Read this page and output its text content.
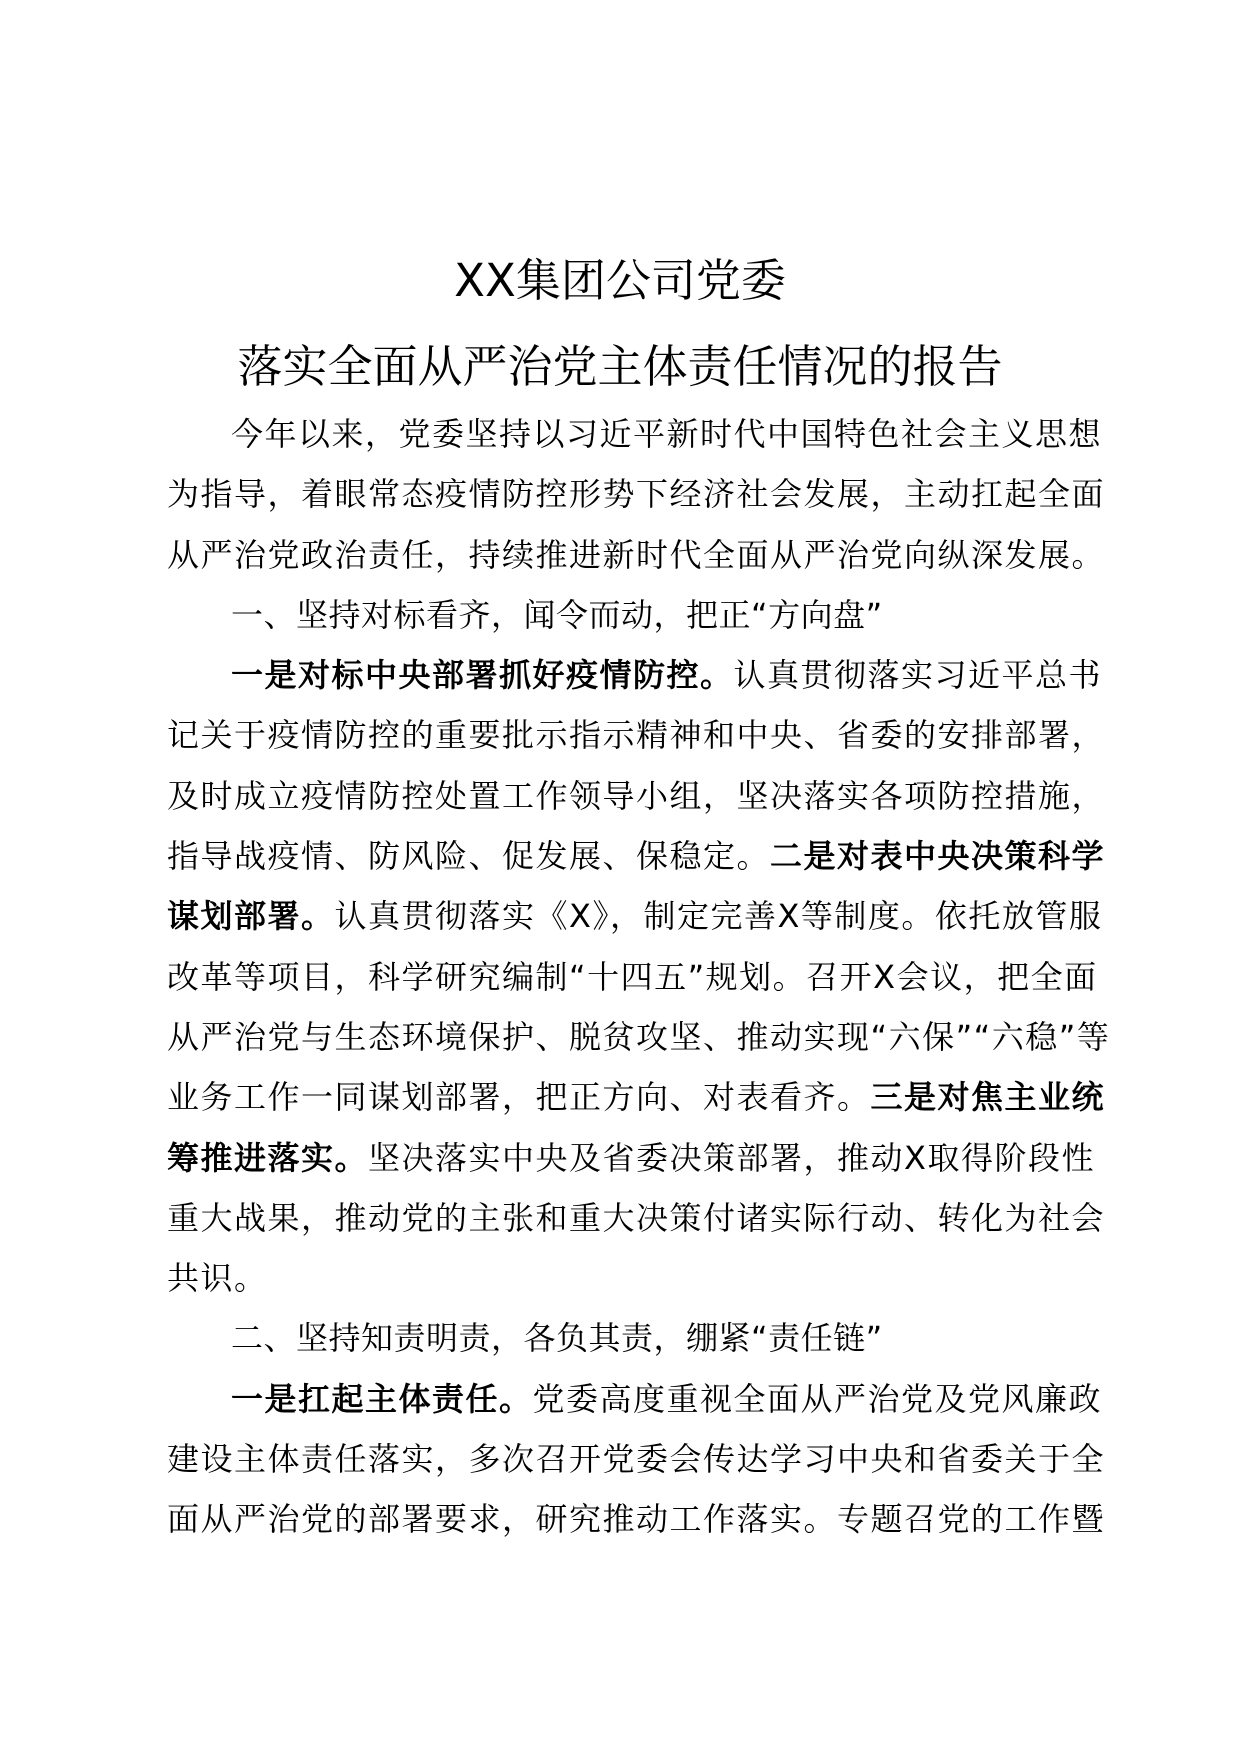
XX集团公司党委
落实全面从严治党主体责任情况的报告

今年以来，党委坚持以习近平新时代中国特色社会主义思想为指导，着眼常态疫情防控形势下经济社会发展，主动扛起全面从严治党政治责任，持续推进新时代全面从严治党向纵深发展。

一、坚持对标看齐，闻令而动，把正“方向盘”

一是对标中央部署抓好疫情防控。认真贯彻落实习近平总书记关于疫情防控的重要批示指示精神和中央、省委的安排部署，及时成立疫情防控处置工作领导小组，坚决落实各项防控措施，指导战疫情、防风险、促发展、保稳定。二是对表中央决策科学谋划部署。认真贯彻落实《X》，制定完善X等制度。依托放管服改革等项目，科学研究编制“十四五”规划。召开X会议，把全面从严治党与生态环境保护、脱贫攻坚、推动实现“六保”“六稳”等业务工作一同谋划部署，把正方向、对表看齐。三是对焦主业统筹推进落实。坚决落实中央及省委决策部署，推动X取得阶段性重大战果，推动党的主张和重大决策付诸实际行动、转化为社会共识。

二、坚持知责明责，各负其责，绷紧“责任链”

一是扛起主体责任。党委高度重视全面从严治党及党风廉政建设主体责任落实，多次召开党委会传达学习中央和省委关于全面从严治党的部署要求，研究推动工作落实。专题召党的工作暨
